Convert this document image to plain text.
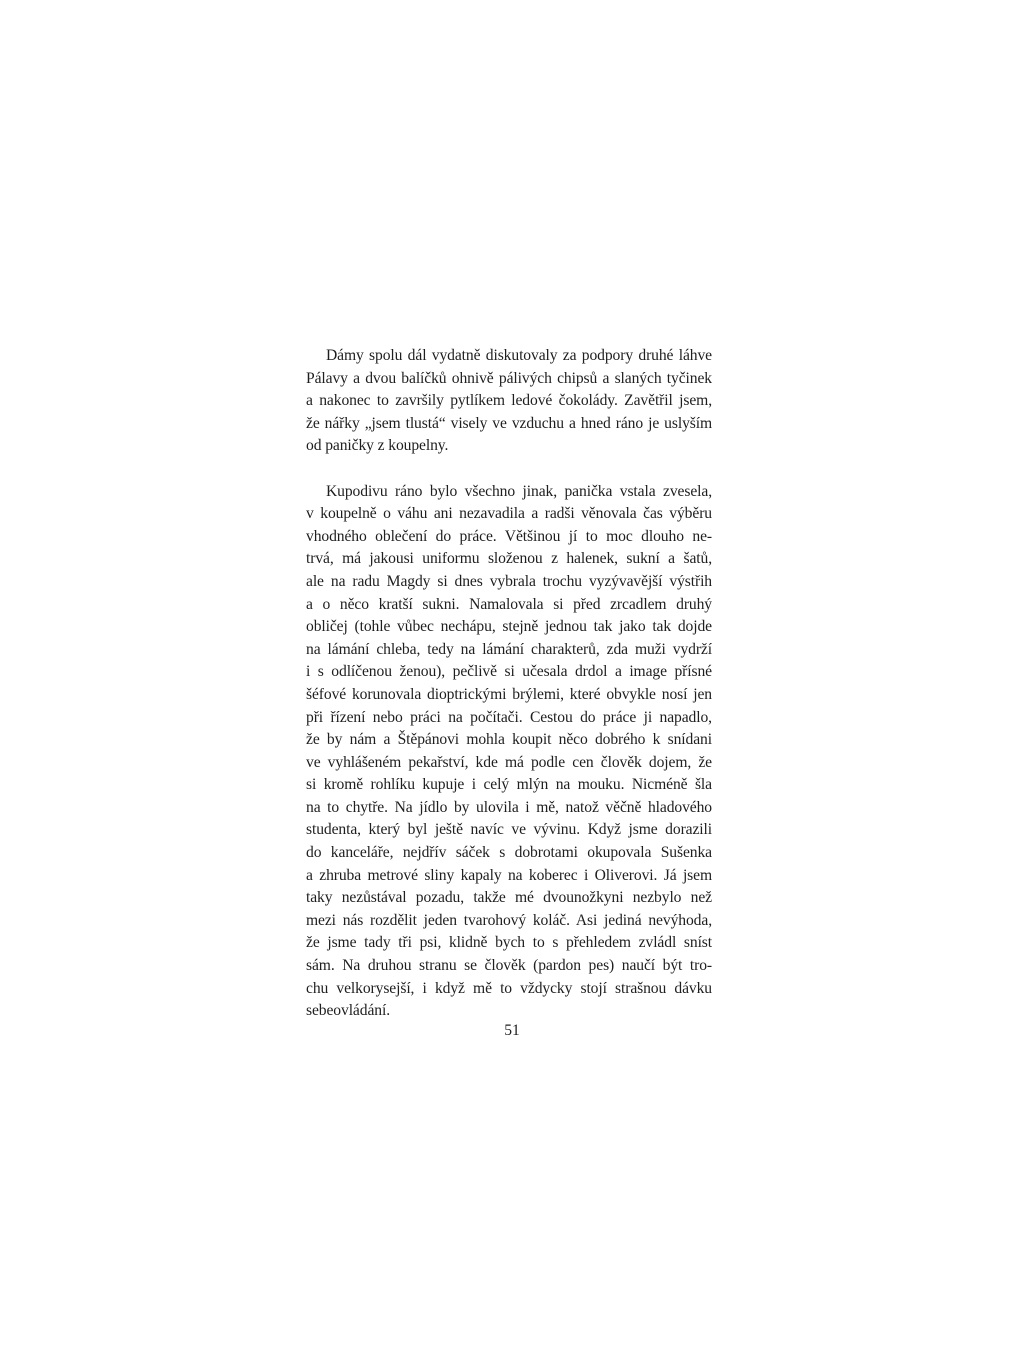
Dámy spolu dál vydatně diskutovaly za podpory druhé láhve
Pálavy a dvou balíčků ohnivě pálivých chipsů a slaných tyčinek
a nakonec to završily pytlíkem ledové čokolády. Zavětřil jsem,
že nářky „jsem tlustá“ visely ve vzduchu a hned ráno je uslyším
od paničky z koupelny.
Kupodivu ráno bylo všechno jinak, panička vstala zvesela,
v koupelně o váhu ani nezavadila a radši věnovala čas výběru
vhodného oblečení do práce. Většinou jí to moc dlouho ne-
trvá, má jakousi uniformu složenou z halenek, sukní a šatů,
ale na radu Magdy si dnes vybrala trochu vyzývavější výstřih
a o něco kratší sukni. Namalovala si před zrcadlem druhý
obličej (tohle vůbec nechápu, stejně jednou tak jako tak dojde
na lámání chleba, tedy na lámání charakterů, zda muži vydrží
i s odlíčenou ženou), pečlivě si učesala drdol a image přísné
šéfové korunovala dioptrickými brýlemi, které obvykle nosí jen
při řízení nebo práci na počítači. Cestou do práce ji napadlo,
že by nám a Štěpánovi mohla koupit něco dobrého k snídani
ve vyhlášeném pekařství, kde má podle cen člověk dojem, že
si kromě rohlíku kupuje i celý mlýn na mouku. Nicméně šla
na to chytře. Na jídlo by ulovila i mě, natož věčně hladového
studenta, který byl ještě navíc ve vývinu. Když jsme dorazili
do kanceláře, nejdřív sáček s dobrotami okupovala Sušenka
a zhruba metrové sliny kapaly na koberec i Oliverovi. Já jsem
taky nezůstával pozadu, takže mé dvounožkyni nezbylo než
mezi nás rozdělit jeden tvarohový koláč. Asi jediná nevýhoda,
že jsme tady tři psi, klidně bych to s přehledem zvládl sníst
sám. Na druhou stranu se člověk (pardon pes) naučí být tro-
chu velkorysejší, i když mě to vždycky stojí strašnou dávku
sebeovládání.
51
